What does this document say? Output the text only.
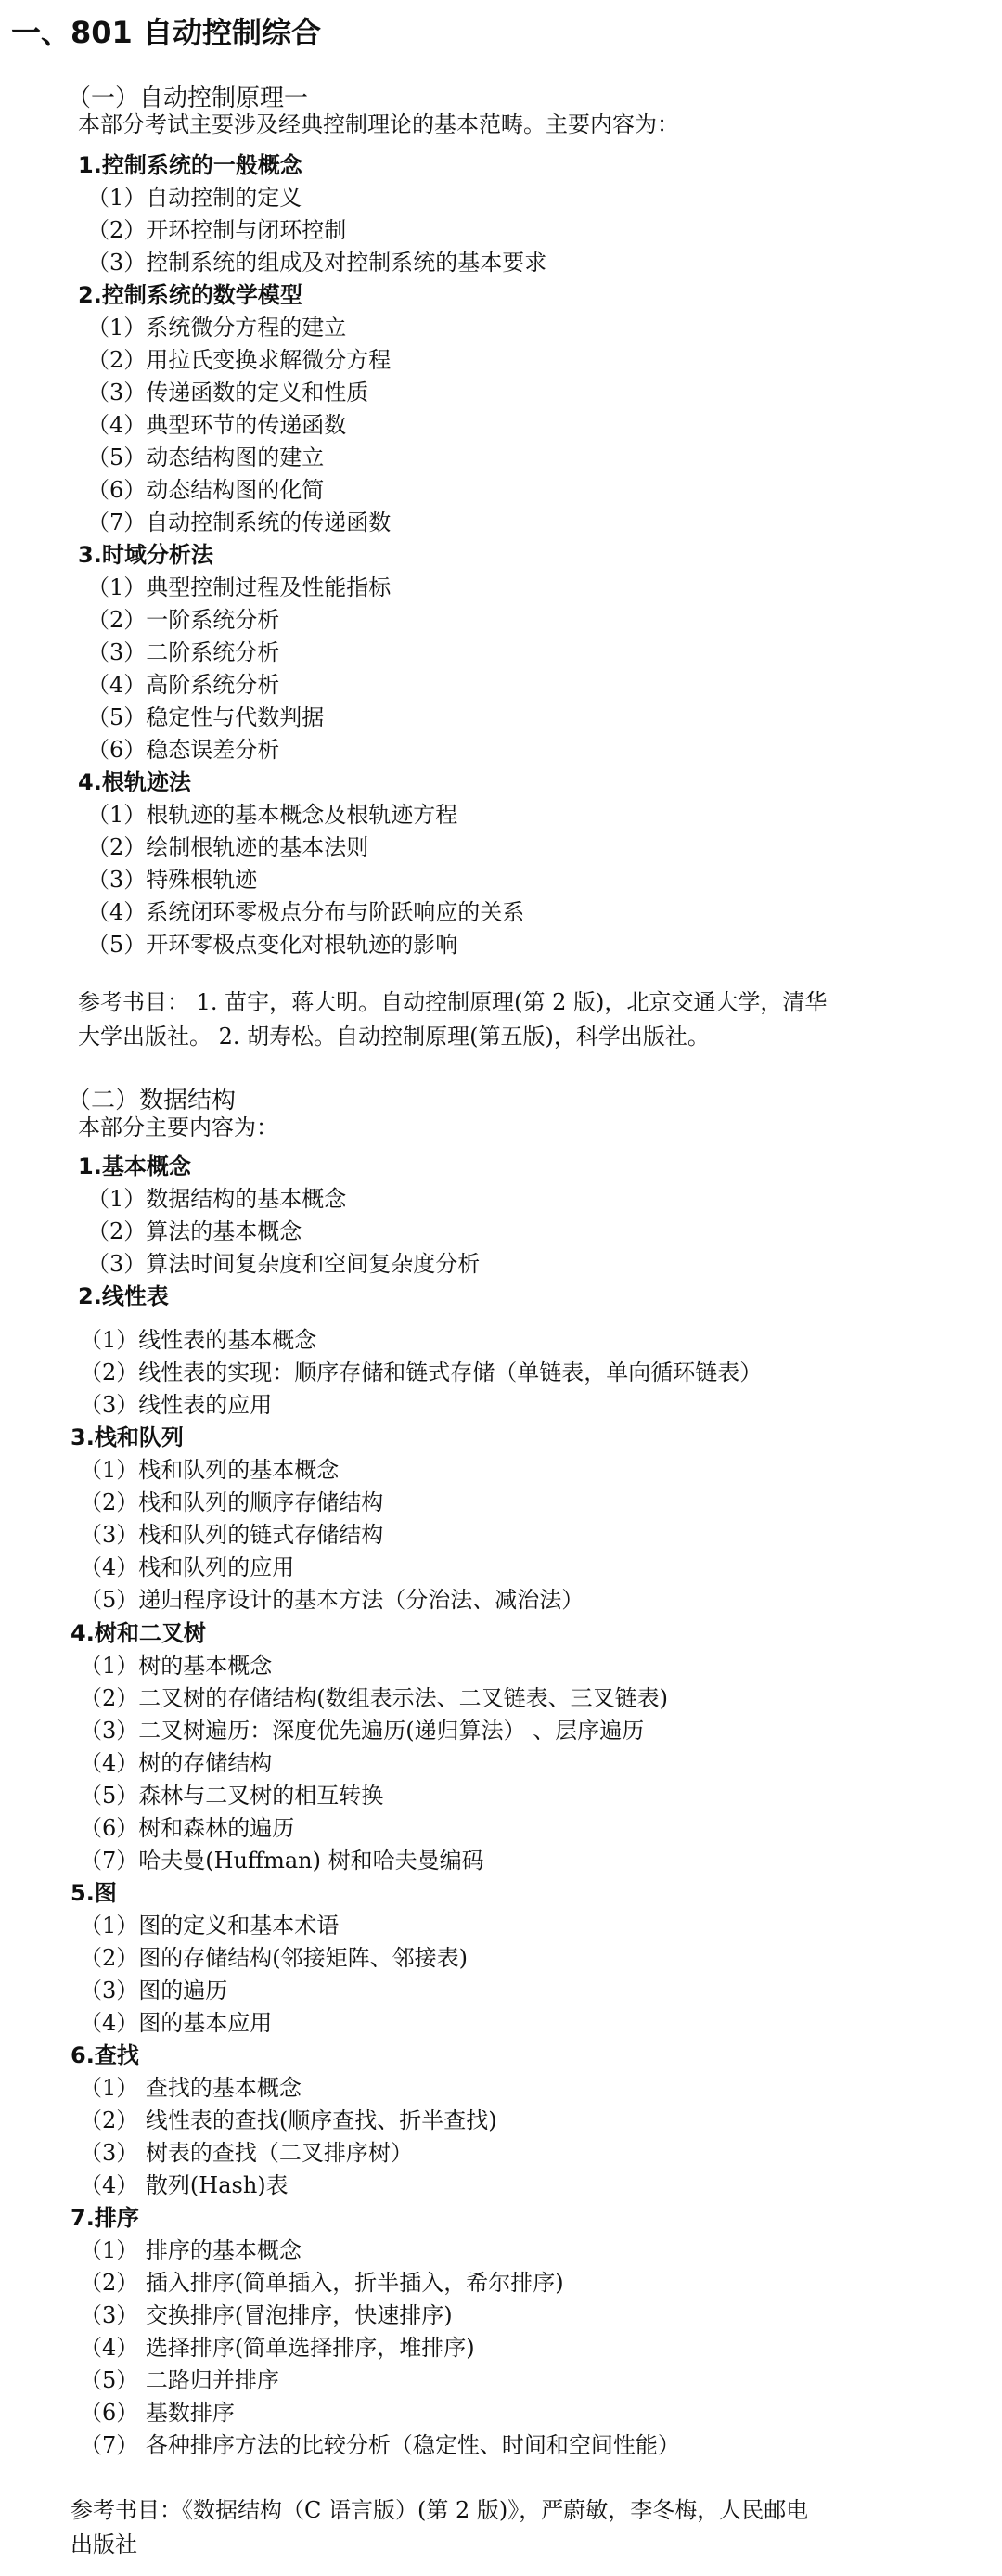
一、801 自动控制综合
（一）自动控制原理一
本部分考试主要涉及经典控制理论的基本范畴。主要内容为：
1.控制系统的一般概念
（1）自动控制的定义
（2）开环控制与闭环控制
（3）控制系统的组成及对控制系统的基本要求
2.控制系统的数学模型
（1）系统微分方程的建立
（2）用拉氏变换求解微分方程
（3）传递函数的定义和性质
（4）典型环节的传递函数
（5）动态结构图的建立
（6）动态结构图的化简
（7）自动控制系统的传递函数
3.时域分析法
（1）典型控制过程及性能指标
（2）一阶系统分析
（3）二阶系统分析
（4）高阶系统分析
（5）稳定性与代数判据
（6）稳态误差分析
4.根轨迹法
（1）根轨迹的基本概念及根轨迹方程
（2）绘制根轨迹的基本法则
（3）特殊根轨迹
（4）系统闭环零极点分布与阶跃响应的关系
（5）开环零极点变化对根轨迹的影响
参考书目： 1. 苗宇，蒋大明。自动控制原理(第 2 版)，北京交通大学，清华
大学出版社。 2. 胡寿松。自动控制原理(第五版)，科学出版社。
（二）数据结构
本部分主要内容为：
1.基本概念
（1）数据结构的基本概念
（2）算法的基本概念
（3）算法时间复杂度和空间复杂度分析
2.线性表
（1）线性表的基本概念
（2）线性表的实现：顺序存储和链式存储（单链表，单向循环链表）
（3）线性表的应用
3.栈和队列
（1）栈和队列的基本概念
（2）栈和队列的顺序存储结构
（3）栈和队列的链式存储结构
（4）栈和队列的应用
（5）递归程序设计的基本方法（分治法、减治法）
4.树和二叉树
（1）树的基本概念
（2）二叉树的存储结构(数组表示法、二叉链表、三叉链表)
（3）二叉树遍历：深度优先遍历(递归算法） 、层序遍历
（4）树的存储结构
（5）森林与二叉树的相互转换
（6）树和森林的遍历
（7）哈夫曼(Huffman) 树和哈夫曼编码
5.图
（1）图的定义和基本术语
（2）图的存储结构(邻接矩阵、邻接表)
（3）图的遍历
（4）图的基本应用
6.查找
（1） 查找的基本概念
（2） 线性表的查找(顺序查找、折半查找)
（3） 树表的查找（二叉排序树）
（4） 散列(Hash)表
7.排序
（1） 排序的基本概念
（2） 插入排序(简单插入，折半插入，希尔排序)
（3） 交换排序(冒泡排序，快速排序)
（4） 选择排序(简单选择排序，堆排序)
（5） 二路归并排序
（6） 基数排序
（7） 各种排序方法的比较分析（稳定性、时间和空间性能）
参考书目：《数据结构（C 语言版）(第 2 版)》，严蔚敏，李冬梅，人民邮电
出版社
